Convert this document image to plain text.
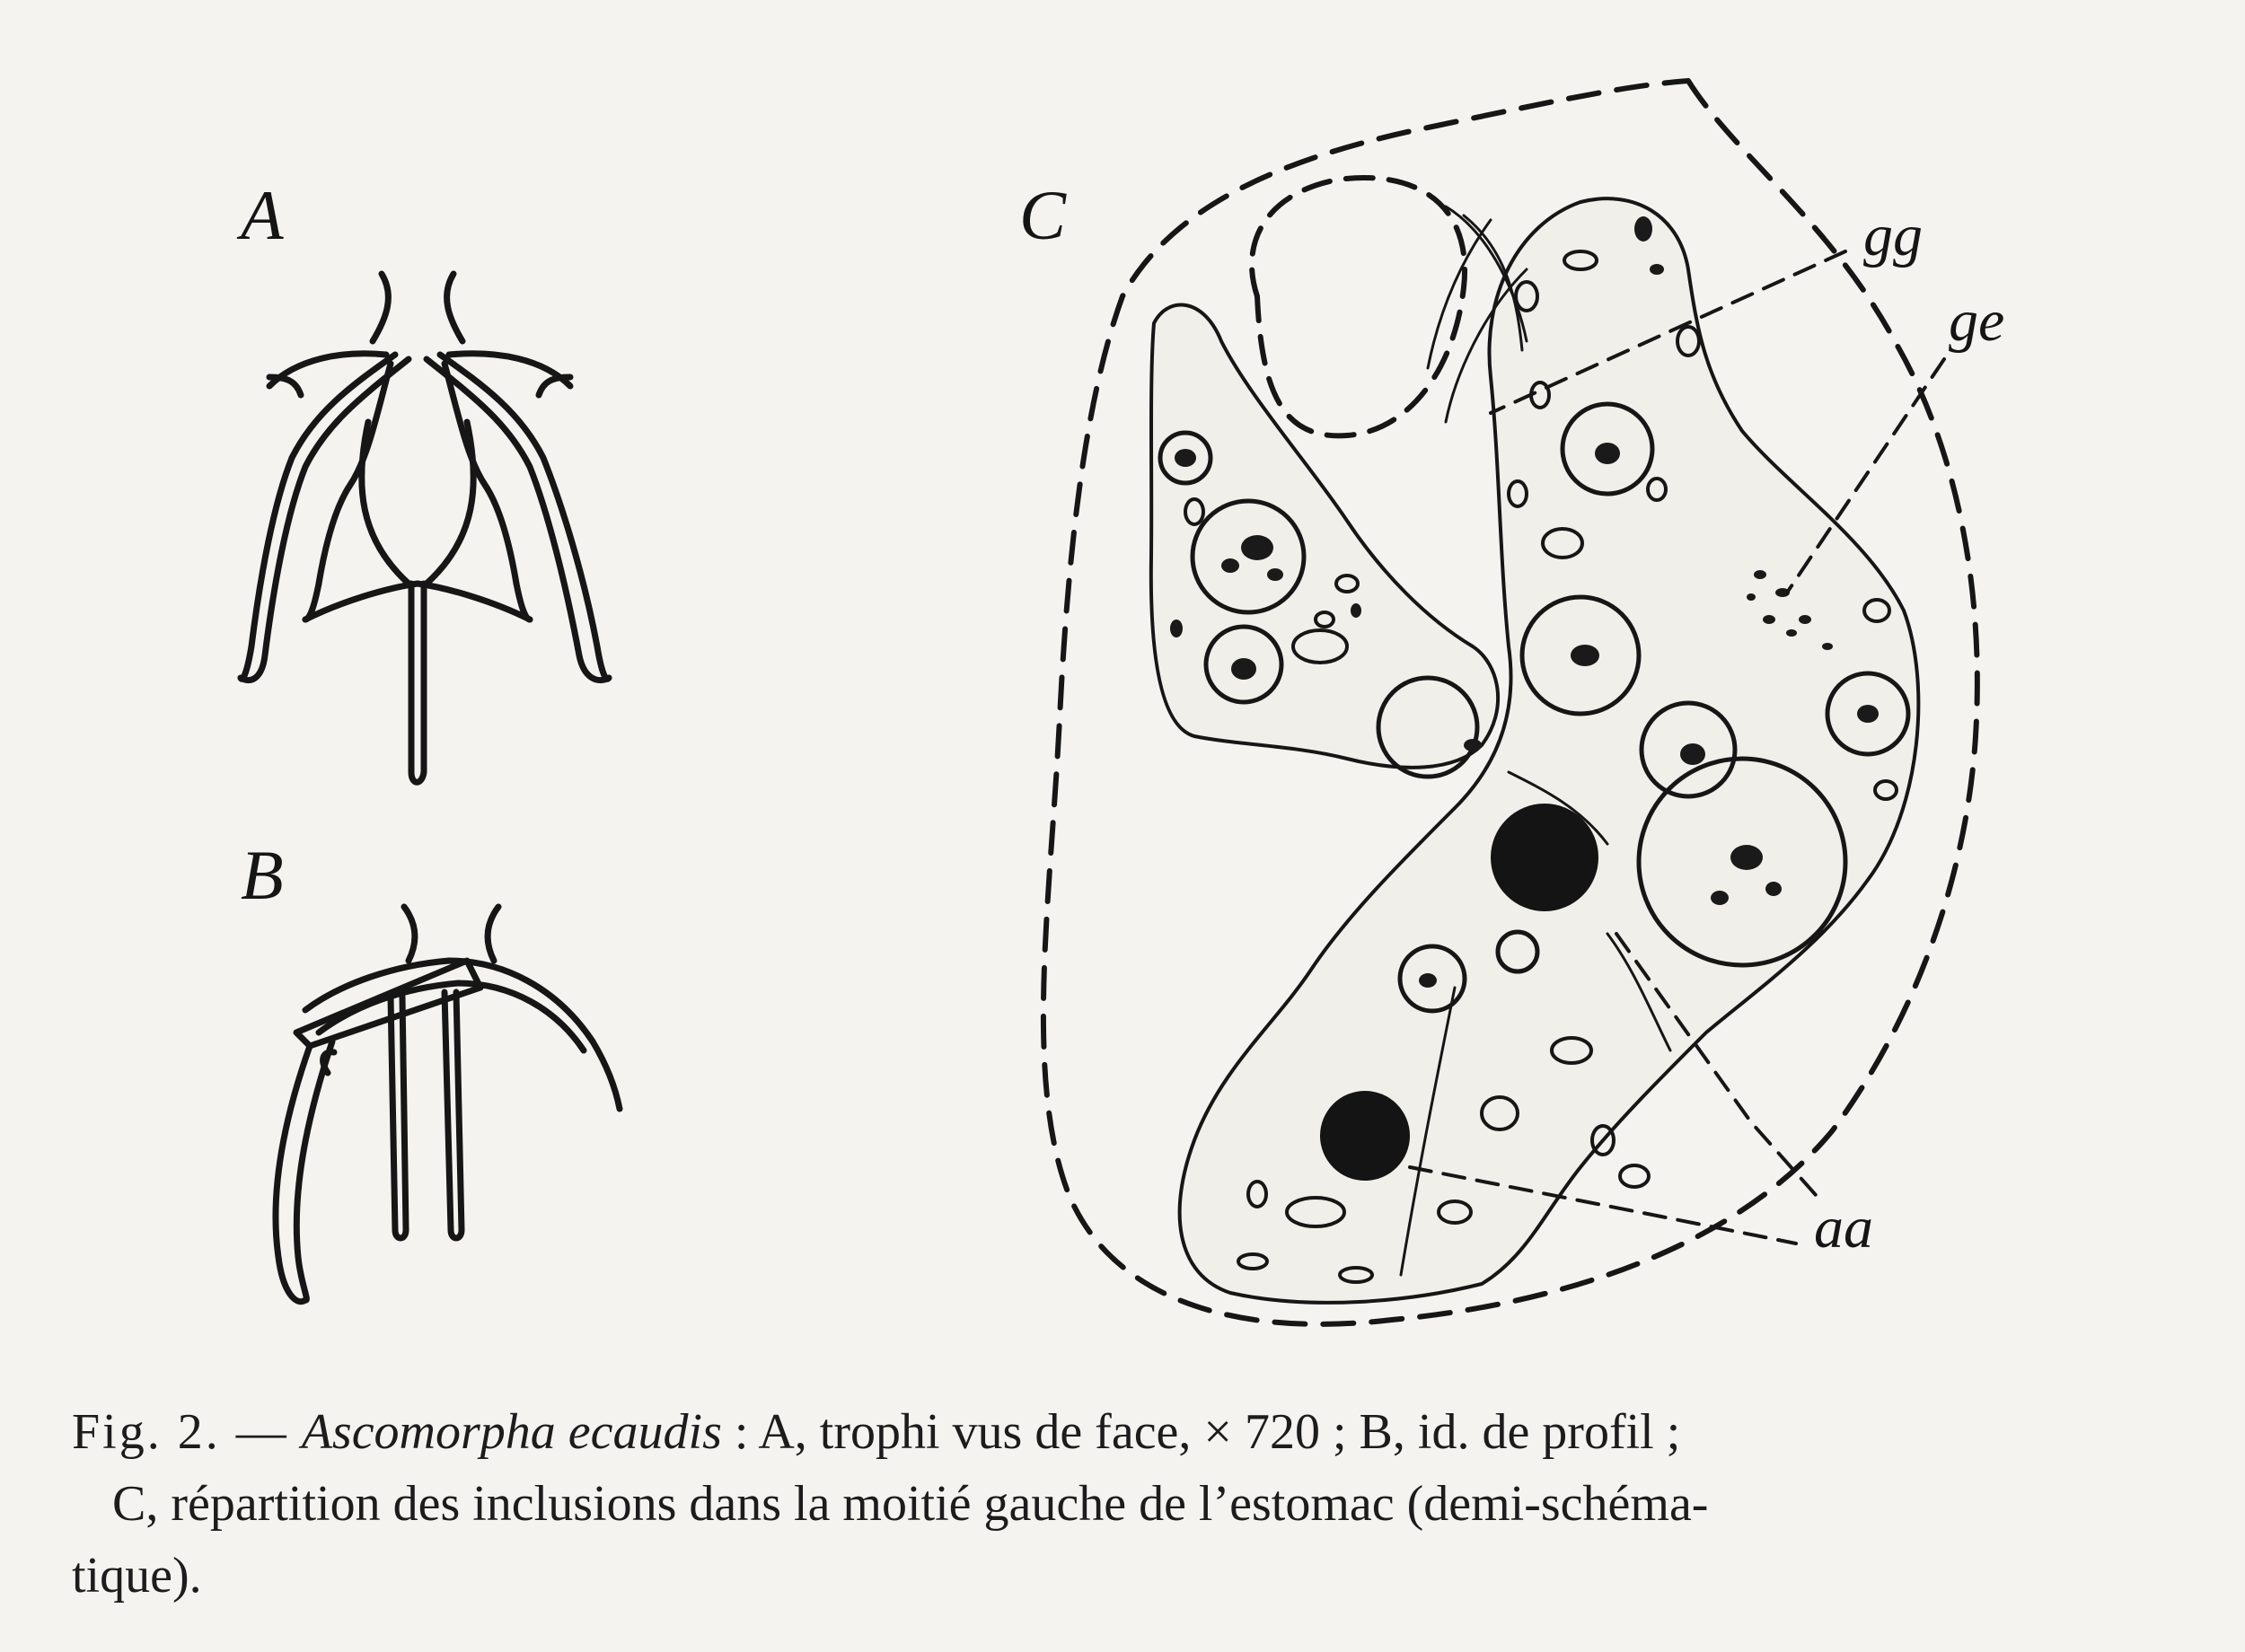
A
B
C	gg
ge
aa
Fig. 2. — Ascomorpha ecaudis : A, trophi vus de face, × 720 ; B, id. de profil ;
C, répartition des inclusions dans la moitié gauche de l’estomac (demi-schéma-
tique).
